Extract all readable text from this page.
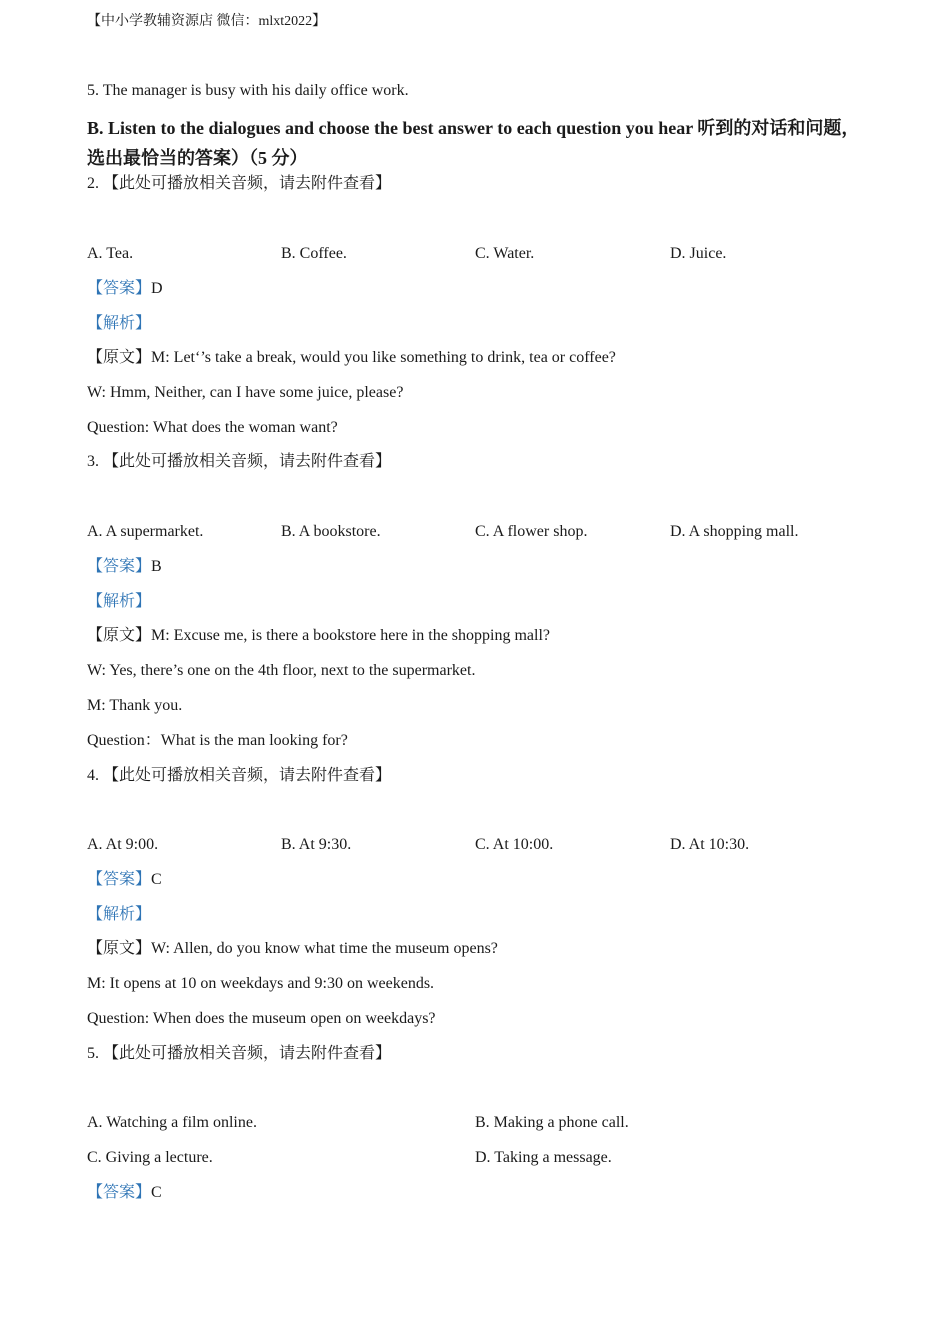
【中小学教辅资源店 微信：mlxt2022】
5. The manager is busy with his daily office work.
B. Listen to the dialogues and choose the best answer to each question you hear 听到的对话和问题，选出最恰当的答案）（5 分）
2. 【此处可播放相关音频，请去附件查看】
A. Tea.	B. Coffee.	C. Water.	D. Juice.
【答案】D
【解析】
【原文】M: Let‘’s take a break, would you like something to drink, tea or coffee?
W: Hmm, Neither, can I have some juice, please?
Question: What does the woman want?
3. 【此处可播放相关音频，请去附件查看】
A. A supermarket.	B. A bookstore.	C. A flower shop.	D. A shopping mall.
【答案】B
【解析】
【原文】M: Excuse me, is there a bookstore here in the shopping mall?
W: Yes, there’s one on the 4th floor, next to the supermarket.
M: Thank you.
Question：What is the man looking for?
4. 【此处可播放相关音频，请去附件查看】
A. At 9:00.	B. At 9:30.	C. At 10:00.	D. At 10:30.
【答案】C
【解析】
【原文】W: Allen, do you know what time the museum opens?
M: It opens at 10 on weekdays and 9:30 on weekends.
Question: When does the museum open on weekdays?
5. 【此处可播放相关音频，请去附件查看】
A. Watching a film online.	B. Making a phone call.
C. Giving a lecture.	D. Taking a message.
【答案】C
